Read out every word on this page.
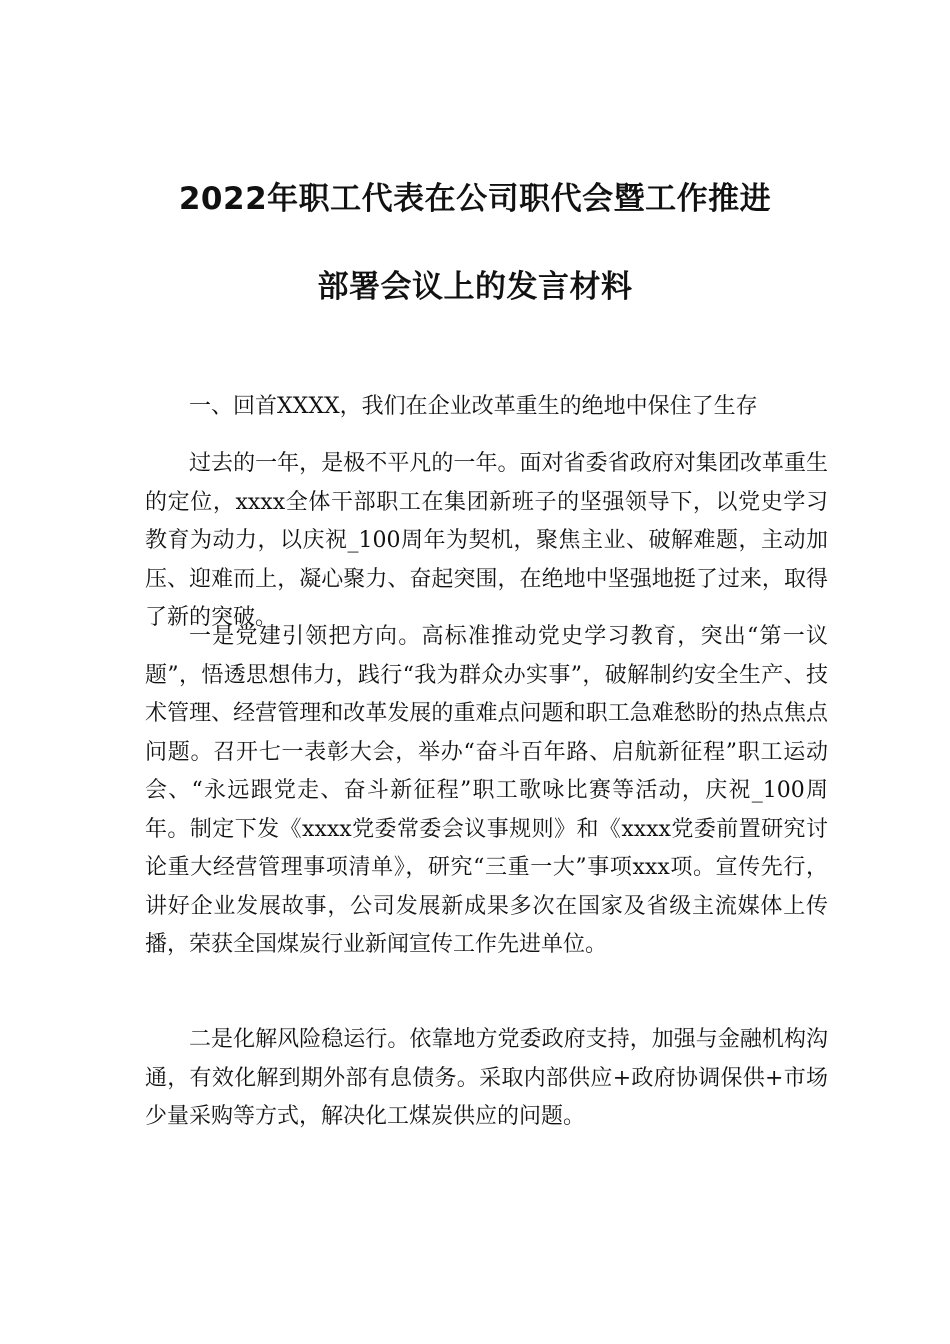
2022年职工代表在公司职代会暨工作推进
部署会议上的发言材料

一、回首XXXX，我们在企业改革重生的绝地中保住了生存

过去的一年，是极不平凡的一年。面对省委省政府对集团改革重生的定位，xxxx全体干部职工在集团新班子的坚强领导下，以党史学习教育为动力，以庆祝_100周年为契机，聚焦主业、破解难题，主动加压、迎难而上，凝心聚力、奋起突围，在绝地中坚强地挺了过来，取得了新的突破。

一是党建引领把方向。高标准推动党史学习教育，突出“第一议题”，悟透思想伟力，践行“我为群众办实事”，破解制约安全生产、技术管理、经营管理和改革发展的重难点问题和职工急难愁盼的热点焦点问题。召开七一表彰大会，举办“奋斗百年路、启航新征程”职工运动会、“永远跟党走、奋斗新征程”职工歌咏比赛等活动，庆祝_100周年。制定下发《xxxx党委常委会议事规则》和《xxxx党委前置研究讨论重大经营管理事项清单》，研究“三重一大”事项xxx项。宣传先行，讲好企业发展故事，公司发展新成果多次在国家及省级主流媒体上传播，荣获全国煤炭行业新闻宣传工作先进单位。

二是化解风险稳运行。依靠地方党委政府支持，加强与金融机构沟通，有效化解到期外部有息债务。采取内部供应+政府协调保供+市场少量采购等方式，解决化工煤炭供应的问题。
